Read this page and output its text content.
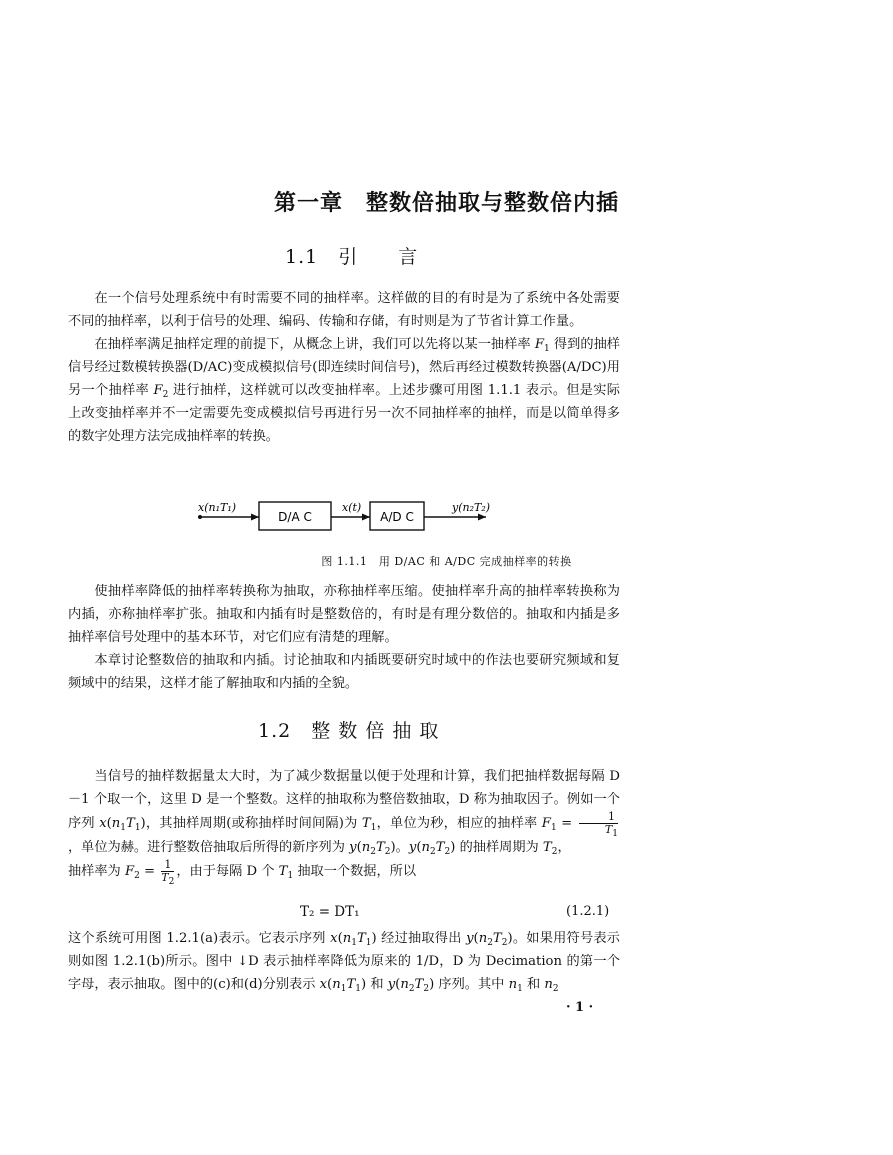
第一章　整数倍抽取与整数倍内插
1.1　 引 言

在一个信号处理系统中有时需要不同的抽样率。这样做的目的有时是为了系统中各处需要不同的抽样率，以利于信号的处理、编码、传输和存储，有时则是为了节省计算工作量。

在抽样率满足抽样定理的前提下，从概念上讲，我们可以先将以某一抽样率 $F_1$ 得到的抽样信号经过数模转换器(D/AC)变成模拟信号(即连续时间信号)，然后再经过模数转换器(A/DC)用另一个抽样率 $F_2$ 进行抽样，这样就可以改变抽样率。上述步骤可用图 1.1.1 表示。但是实际上改变抽样率并不一定需要先变成模拟信号再进行另一次不同抽样率的抽样，而是以简单得多的数字处理方法完成抽样率的转换。

x(n₁T₁)
D/A C
x(t)
A/D C
y(n₂T₂)
图 1.1.1　用 D/AC 和 A/DC 完成抽样率的转换

使抽样率降低的抽样率转换称为抽取，亦称抽样率压缩。使抽样率升高的抽样率转换称为内插，亦称抽样率扩张。抽取和内插有时是整数倍的，有时是有理分数倍的。抽取和内插是多抽样率信号处理中的基本环节，对它们应有清楚的理解。

本章讨论整数倍的抽取和内插。讨论抽取和内插既要研究时域中的作法也要研究频域和复频域中的结果，这样才能了解抽取和内插的全貌。

1.2　 整 数 倍 抽 取

当信号的抽样数据量太大时，为了减少数据量以便于处理和计算，我们把抽样数据每隔 D－1 个取一个，这里 D 是一个整数。这样的抽取称为整倍数抽取，D 称为抽取因子。例如一个序列 $x(n_1T_1)$，其抽样周期(或称抽样时间间隔)为 $T_1$，单位为秒，相应的抽样率 $F_1 = \frac{1}{T_1}$
，单位为赫。进行整数倍抽取后所得的新序列为 $y(n_2T_2)$。$y(n_2T_2)$ 的抽样周期为 $T_2$，

抽样率为 $F_2 = \frac{1}{T_2}$ ，由于每隔 D 个 $T_1$ 抽取一个数据，所以

T₂ = DT₁	(1.2.1)

这个系统可用图 1.2.1(a)表示。它表示序列 $x(n_1T_1)$ 经过抽取得出 $y(n_2T_2)$。如果用符号表示则如图 1.2.1(b)所示。图中 ↓D 表示抽样率降低为原来的 1/D，D 为 Decimation 的第一个字母，表示抽取。图中的(c)和(d)分别表示 $x(n_1T_1)$ 和 $y(n_2T_2)$ 序列。其中 $n_1$ 和 $n_2$

· 1 ·
